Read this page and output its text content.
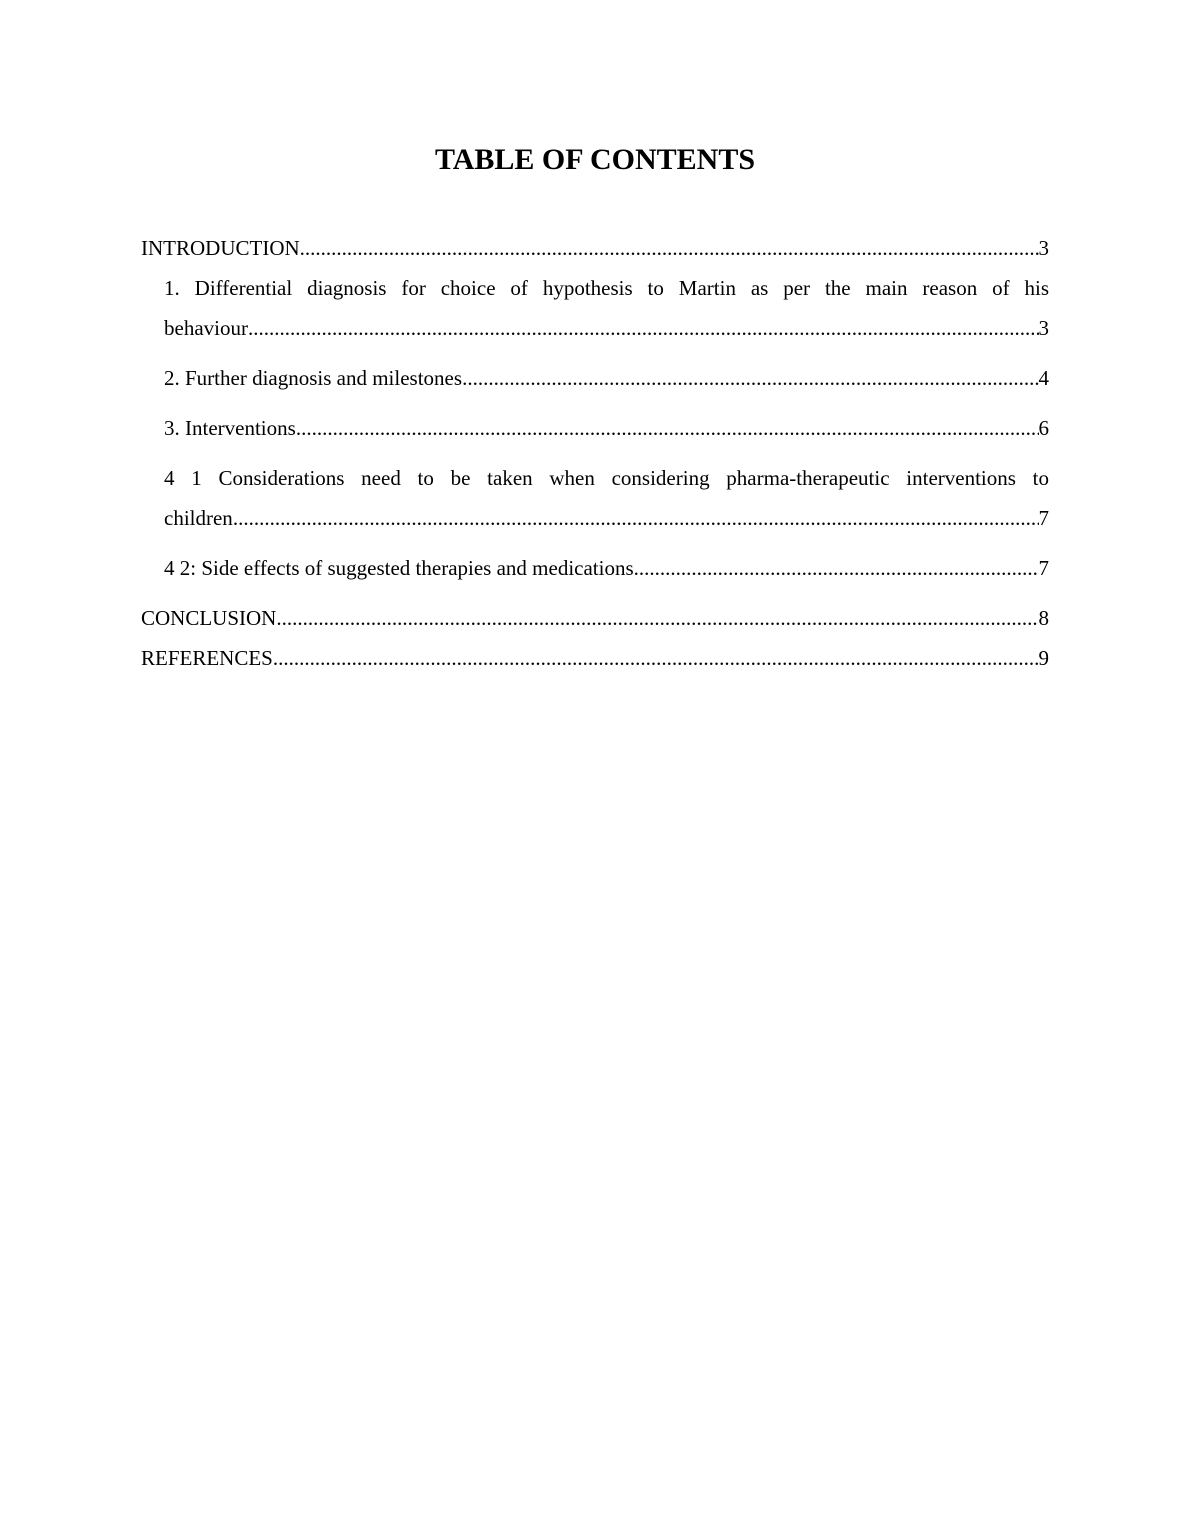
TABLE OF CONTENTS
INTRODUCTION .....	3
1. Differential diagnosis for choice of hypothesis to Martin as per the main reason of his
behaviour .....	3
2. Further diagnosis and milestones .....	4
3. Interventions .....	6
4 1 Considerations need to be taken when considering pharma-therapeutic interventions to
children .....	7
4 2: Side effects of suggested therapies and medications .....	7
CONCLUSION .....	8
REFERENCES .....	9
